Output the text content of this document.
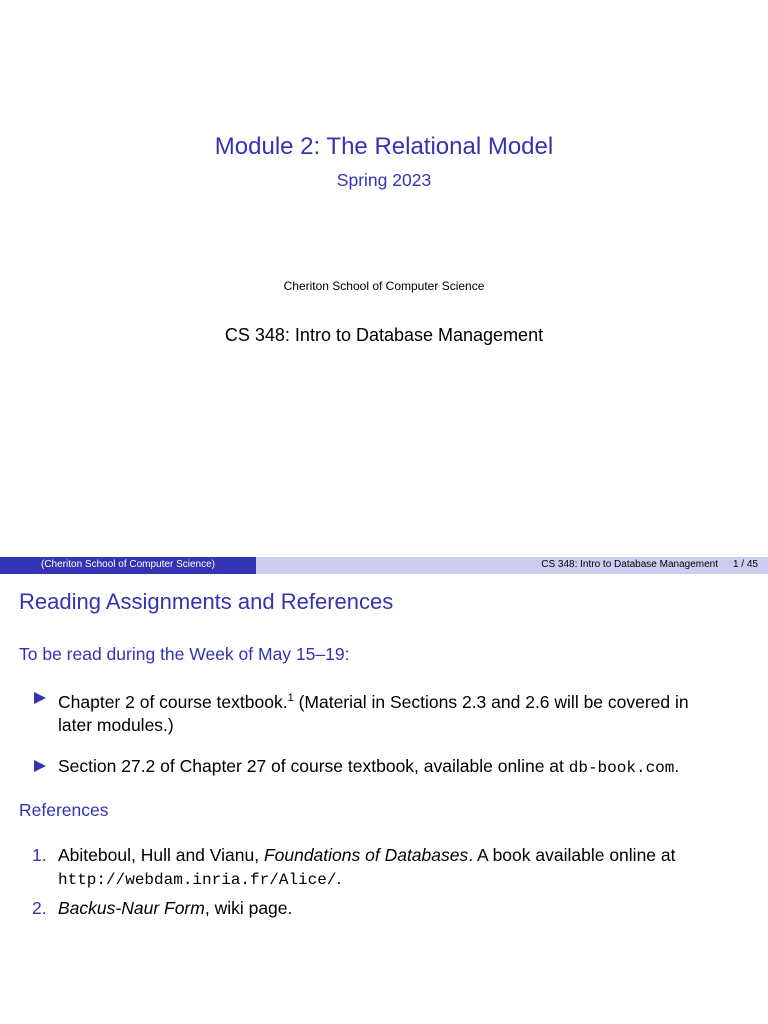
Module 2: The Relational Model
Spring 2023
Cheriton School of Computer Science
CS 348: Intro to Database Management
(Cheriton School of Computer Science)	CS 348: Intro to Database Management 1 / 45
Reading Assignments and References
To be read during the Week of May 15–19:
Chapter 2 of course textbook.$^1$ (Material in Sections 2.3 and 2.6 will be covered in
later modules.)
Section 27.2 of Chapter 27 of course textbook, available online at db-book.com.
References
1. Abiteboul, Hull and Vianu, Foundations of Databases. A book available online at
http://webdam.inria.fr/Alice/.
2. Backus-Naur Form, wiki page.
